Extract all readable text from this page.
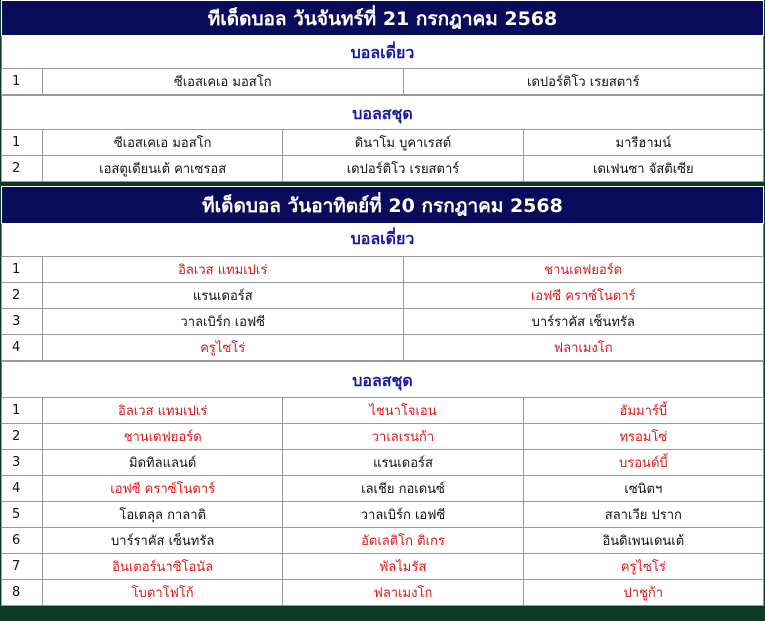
ทีเด็ดบอล วันจันทร์ที่ 21 กรกฎาคม 2568
บอลเดี่ยว
1	ซีเอสเคเอ มอสโก	เดปอร์ติโว เรยสตาร์
บอลสชุด
1	ซีเอสเคเอ มอสโก	ดินาโม บูคาเรสต์	มารีฮามน์
2	เอสตูเดียนเต้ คาเซรอส	เดปอร์ติโว เรยสตาร์	เดเฟนซา จัสติเซีย
ทีเด็ดบอล วันอาทิตย์ที่ 20 กรกฎาคม 2568
บอลเดี่ยว
1	อิลเวส แทมเปเร่	ชานเดฟยอร์ด
2	แรนเดอร์ส	เอฟซี คราซ์โนดาร์
3	วาลเบิร์ก เอฟซี	บาร์ราคัส เซ็นทรัล
4	ครูไซโร่	ฟลาเมงโก
บอลสชุด
1	อิลเวส แทมเปเร่	ไชนาโจเอน	ฮัมมาร์บี้
2	ชานเดฟยอร์ด	วาเลเรนก้า	ทรอมโซ่
3	มิดทิลแลนด์	แรนเดอร์ส	บรอนด์บี้
4	เอฟซี คราซ์โนดาร์	เลเชีย กอเดนซ์	เซนิตฯ
5	โอเตลุล กาลาติ	วาลเบิร์ก เอฟซี	สลาเวีย ปราก
6	บาร์ราคัส เซ็นทรัล	อัตเลติโก ติเกร	อินดิเพนเดนเต้
7	อินเตอร์นาซิโอนัล	พัลไมรัส	ครูไซโร่
8	โบตาโฟโก้	ฟลาเมงโก	ปาชูก้า
